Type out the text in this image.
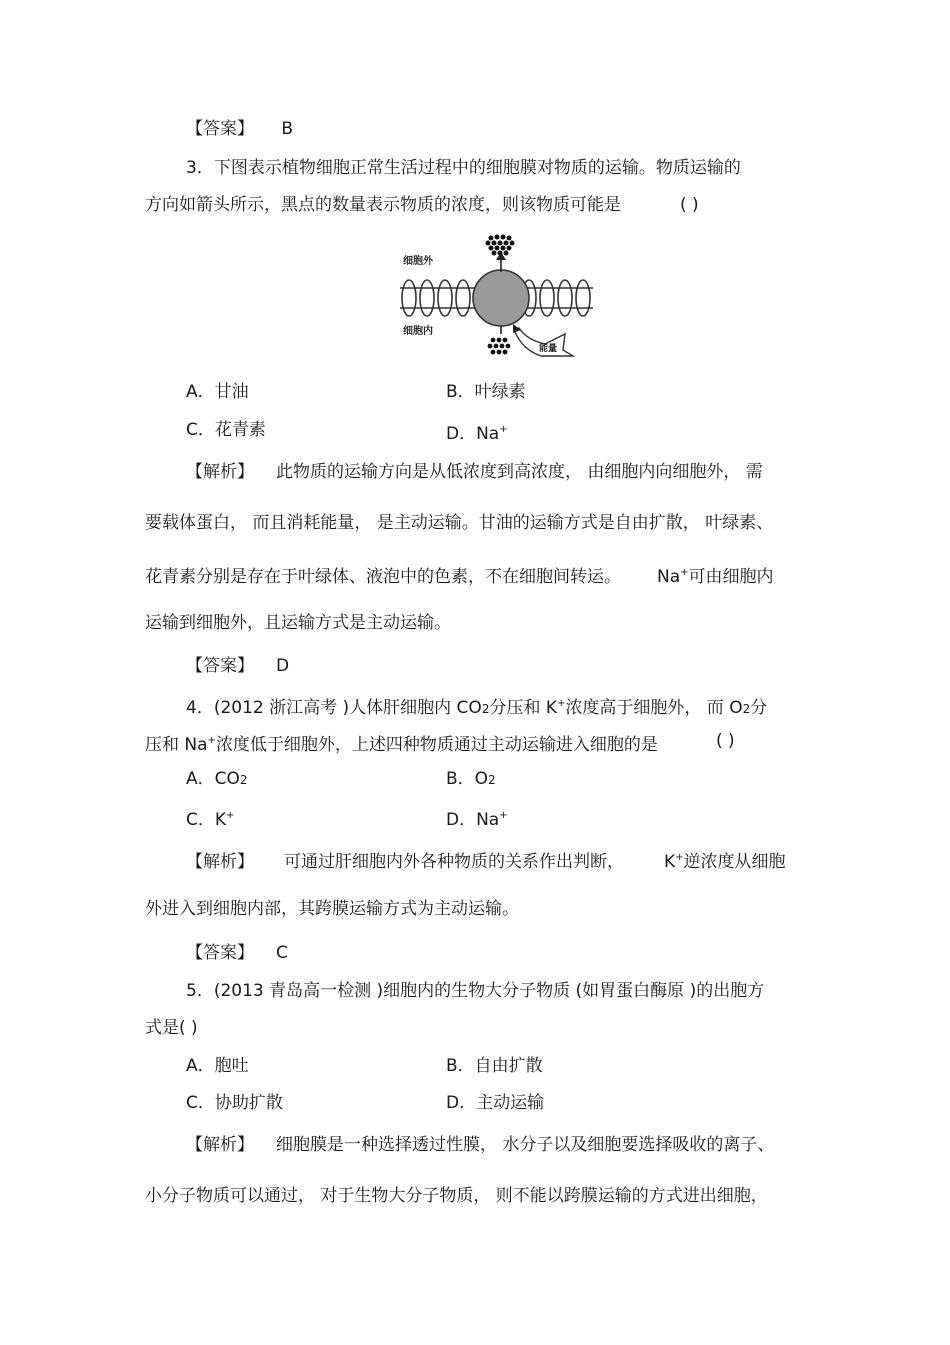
【答案】 B
3．下图表示植物细胞正常生活过程中的细胞膜对物质的运输。物质运输的
方向如箭头所示，黑点的数量表示物质的浓度，则该物质可能是	( )
细胞外
细胞内
能量
A．甘油	B．叶绿素
C．花青素	D．Na+
【解析】 此物质的运输方向是从低浓度到高浓度， 由细胞内向细胞外， 需
要载体蛋白， 而且消耗能量， 是主动运输。甘油的运输方式是自由扩散， 叶绿素、
花青素分别是存在于叶绿体、液泡中的色素，不在细胞间转运。 Na+可由细胞内
运输到细胞外，且运输方式是主动运输。
【答案】 D
4．(2012 浙江高考 )人体肝细胞内 CO2分压和 K+浓度高于细胞外， 而 O2分
压和 Na+浓度低于细胞外，上述四种物质通过主动运输进入细胞的是	( )
A．CO2	B．O2
C．K+	D．Na+
【解析】 可通过肝细胞内外各种物质的关系作出判断， K+逆浓度从细胞
外进入到细胞内部，其跨膜运输方式为主动运输。
【答案】 C
5．(2013 青岛高一检测 )细胞内的生物大分子物质 (如胃蛋白酶原 )的出胞方
式是( )
A．胞吐	B．自由扩散
C．协助扩散	D．主动运输
【解析】 细胞膜是一种选择透过性膜， 水分子以及细胞要选择吸收的离子、
小分子物质可以通过， 对于生物大分子物质， 则不能以跨膜运输的方式进出细胞，
